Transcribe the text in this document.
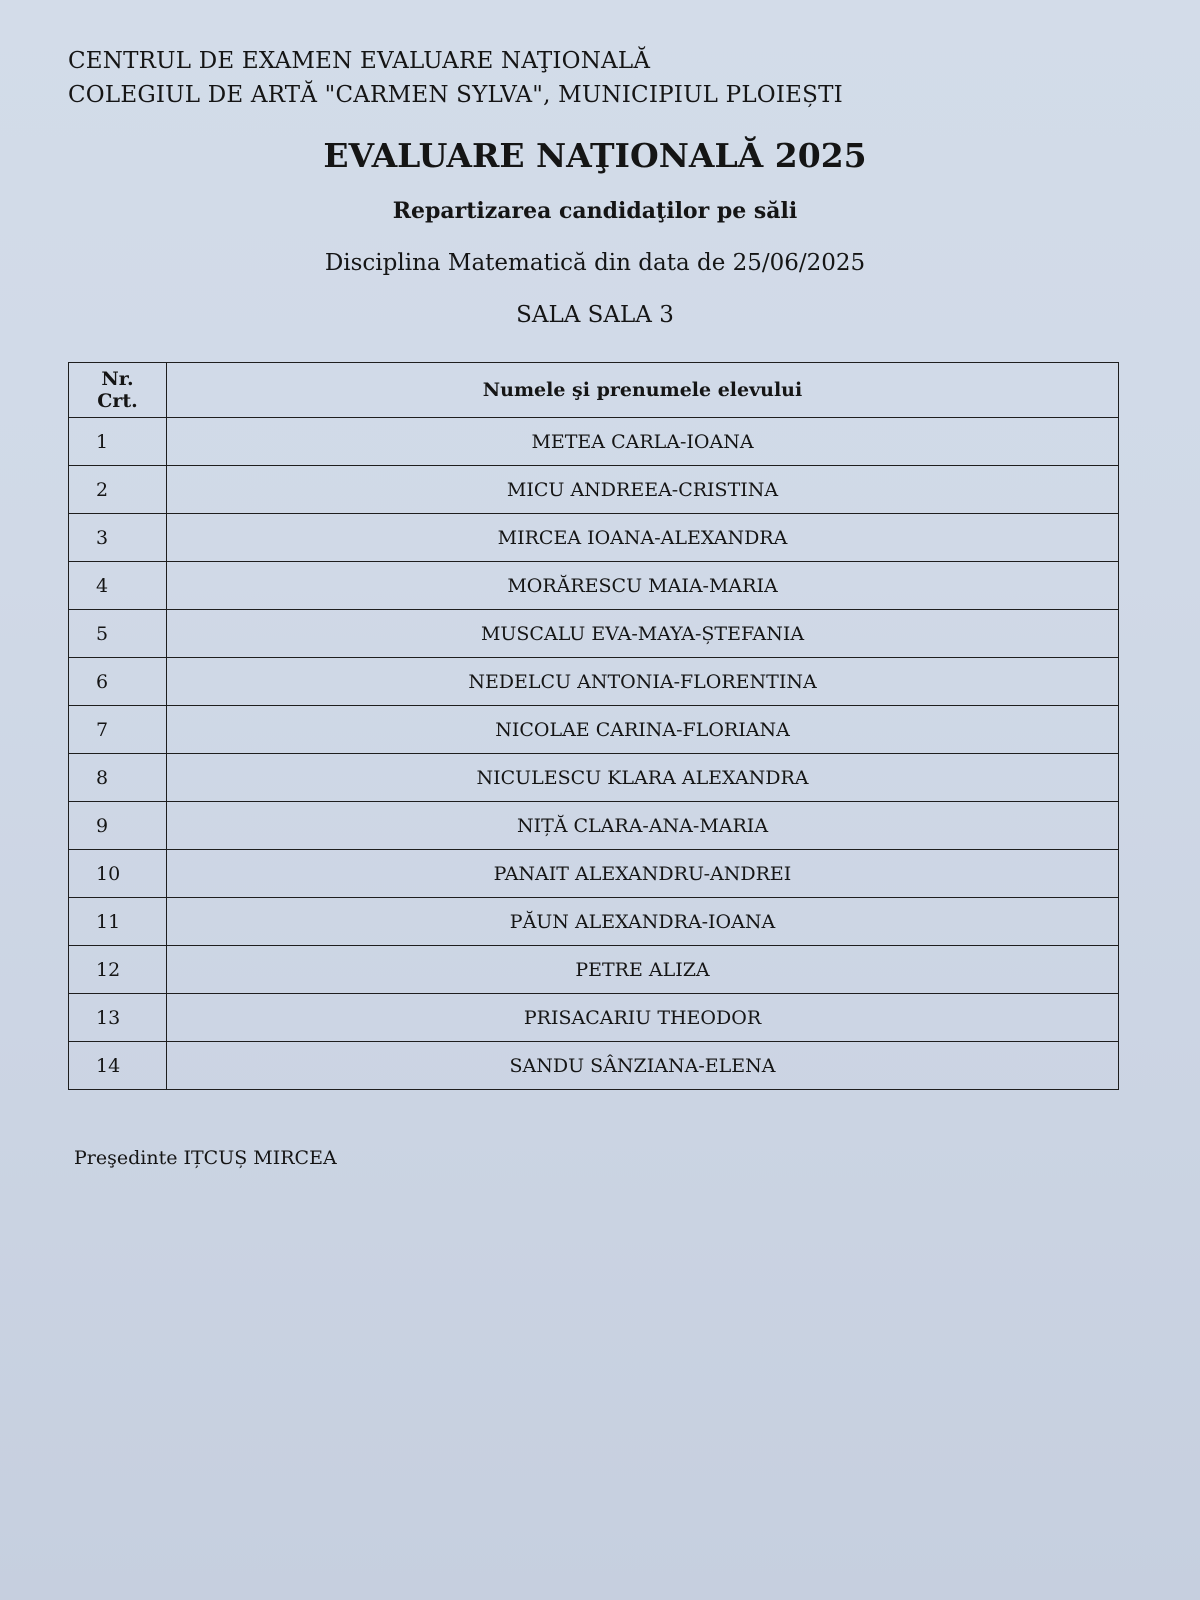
CENTRUL DE EXAMEN EVALUARE NAŢIONALĂ
COLEGIUL DE ARTĂ "CARMEN SYLVA", MUNICIPIUL PLOIEȘTI
EVALUARE NAŢIONALĂ 2025
Repartizarea candidaţilor pe săli
Disciplina Matematică din data de 25/06/2025
SALA SALA 3
Nr.
Crt.	Numele şi prenumele elevului
1	METEA CARLA-IOANA
2	MICU ANDREEA-CRISTINA
3	MIRCEA IOANA-ALEXANDRA
4	MORĂRESCU MAIA-MARIA
5	MUSCALU EVA-MAYA-ȘTEFANIA
6	NEDELCU ANTONIA-FLORENTINA
7	NICOLAE CARINA-FLORIANA
8	NICULESCU KLARA ALEXANDRA
9	NIȚĂ CLARA-ANA-MARIA
10	PANAIT ALEXANDRU-ANDREI
11	PĂUN ALEXANDRA-IOANA
12	PETRE ALIZA
13	PRISACARIU THEODOR
14	SANDU SÂNZIANA-ELENA
Preşedinte IȚCUȘ MIRCEA
